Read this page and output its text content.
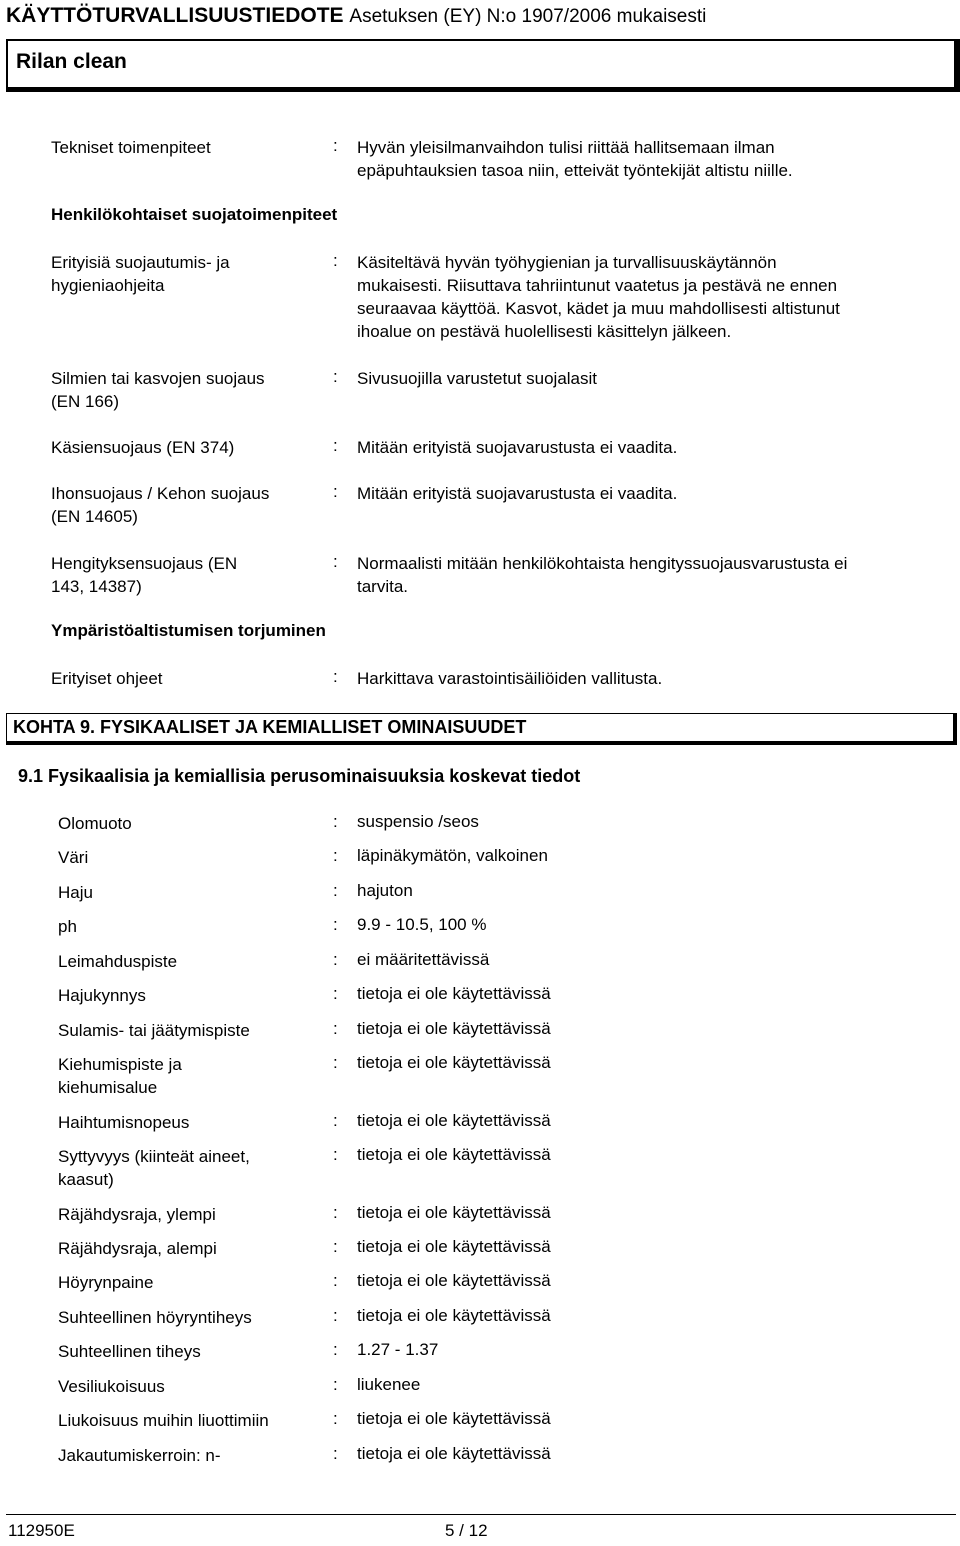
KÄYTTÖTURVALLISUUSTIEDOTE Asetuksen (EY) N:o 1907/2006 mukaisesti
Rilan clean
Tekniset toimenpiteet	: Hyvän yleisilmanvaihdon tulisi riittää hallitsemaan ilman
epäpuhtauksien tasoa niin, etteivät työntekijät altistu niille.
Henkilökohtaiset suojatoimenpiteet
Erityisiä suojautumis- ja
hygieniaohjeita
: Käsiteltävä hyvän työhygienian ja turvallisuuskäytännön
mukaisesti. Riisuttava tahriintunut vaatetus ja pestävä ne ennen
seuraavaa käyttöä. Kasvot, kädet ja muu mahdollisesti altistunut
ihoalue on pestävä huolellisesti käsittelyn jälkeen.
Silmien tai kasvojen suojaus
(EN 166)
: Sivusuojilla varustetut suojalasit
Käsiensuojaus (EN 374)	: Mitään erityistä suojavarustusta ei vaadita.
Ihonsuojaus / Kehon suojaus
(EN 14605)
: Mitään erityistä suojavarustusta ei vaadita.
Hengityksensuojaus (EN
143, 14387)
: Normaalisti mitään henkilökohtaista hengityssuojausvarustusta ei
tarvita.
Ympäristöaltistumisen torjuminen
Erityiset ohjeet	: Harkittava varastointisäiliöiden vallitusta.
KOHTA 9. FYSIKAALISET JA KEMIALLISET OMINAISUUDET
9.1 Fysikaalisia ja kemiallisia perusominaisuuksia koskevat tiedot
Olomuoto	: suspensio /seos
Väri	: läpinäkymätön, valkoinen
Haju	: hajuton
ph	: 9.9 - 10.5, 100 %
Leimahduspiste	: ei määritettävissä
Hajukynnys	: tietoja ei ole käytettävissä
Sulamis- tai jäätymispiste	: tietoja ei ole käytettävissä
Kiehumispiste ja
kiehumisalue
: tietoja ei ole käytettävissä
Haihtumisnopeus	: tietoja ei ole käytettävissä
Syttyvyys (kiinteät aineet,
kaasut)
: tietoja ei ole käytettävissä
Räjähdysraja, ylempi	: tietoja ei ole käytettävissä
Räjähdysraja, alempi	: tietoja ei ole käytettävissä
Höyrynpaine	: tietoja ei ole käytettävissä
Suhteellinen höyryntiheys	: tietoja ei ole käytettävissä
Suhteellinen tiheys	: 1.27 - 1.37
Vesiliukoisuus	: liukenee
Liukoisuus muihin liuottimiin	: tietoja ei ole käytettävissä
Jakautumiskerroin: n-	: tietoja ei ole käytettävissä
112950E	5 / 12
